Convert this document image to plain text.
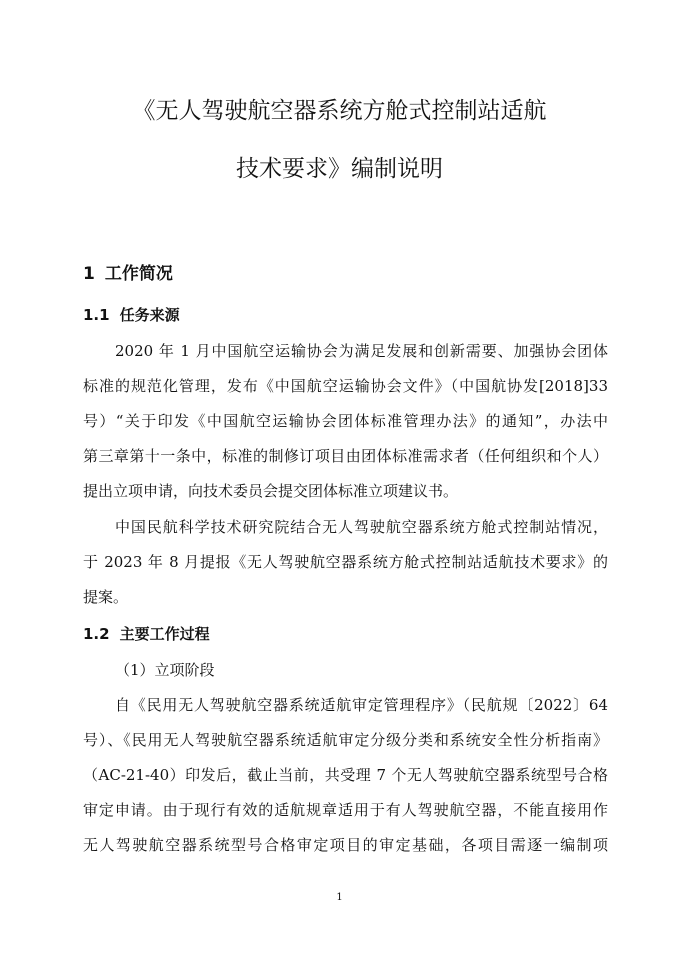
《无人驾驶航空器系统方舱式控制站适航
技术要求》编制说明
1 工作简况
1.1 任务来源
2020 年 1 月中国航空运输协会为满足发展和创新需要、加强协会团体
标准的规范化管理，发布《中国航空运输协会文件》（中国航协发[2018]33
号）“关于印发《中国航空运输协会团体标准管理办法》的通知”，办法中
第三章第十一条中，标准的制修订项目由团体标准需求者（任何组织和个人）
提出立项申请，向技术委员会提交团体标准立项建议书。
中国民航科学技术研究院结合无人驾驶航空器系统方舱式控制站情况，
于 2023 年 8 月提报《无人驾驶航空器系统方舱式控制站适航技术要求》的
提案。
1.2 主要工作过程
（1）立项阶段
自《民用无人驾驶航空器系统适航审定管理程序》（民航规〔2022〕64
号）、《民用无人驾驶航空器系统适航审定分级分类和系统安全性分析指南》
（AC-21-40）印发后，截止当前，共受理 7 个无人驾驶航空器系统型号合格
审定申请。由于现行有效的适航规章适用于有人驾驶航空器，不能直接用作
无人驾驶航空器系统型号合格审定项目的审定基础，各项目需逐一编制项
1
